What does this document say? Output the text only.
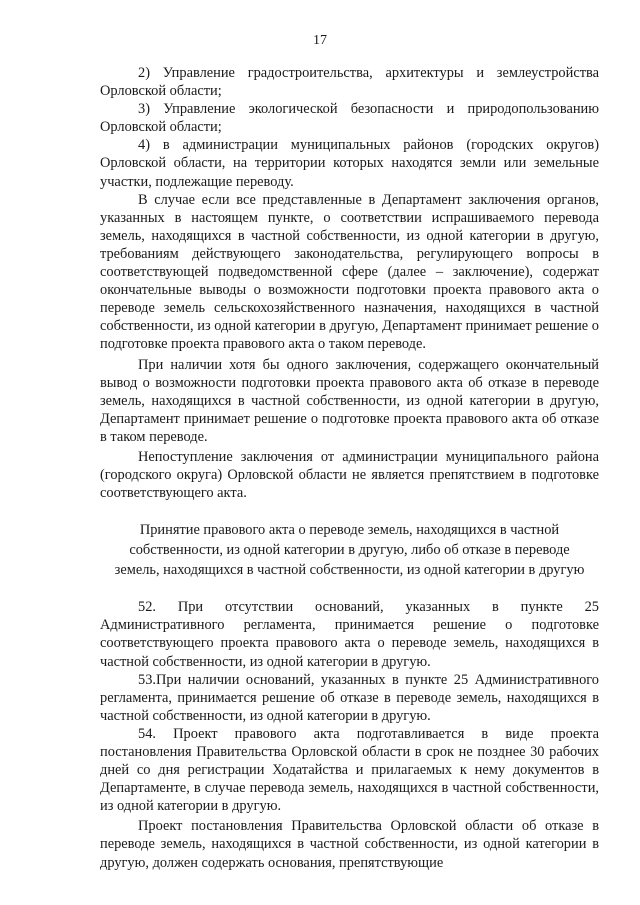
17

2) Управление градостроительства, архитектуры и землеустройства Орловской области;

3) Управление экологической безопасности и природопользованию Орловской области;

4) в администрации муниципальных районов (городских округов) Орловской области, на территории которых находятся земли или земельные участки, подлежащие переводу.

В случае если все представленные в Департамент заключения органов, указанных в настоящем пункте, о соответствии испрашиваемого перевода земель, находящихся в частной собственности, из одной категории в другую, требованиям действующего законодательства, регулирующего вопросы в соответствующей подведомственной сфере (далее – заключение), содержат окончательные выводы о возможности подготовки проекта правового акта о переводе земель сельскохозяйственного назначения, находящихся в частной собственности, из одной категории в другую, Департамент принимает решение о подготовке проекта правового акта о таком переводе.

При наличии хотя бы одного заключения, содержащего окончательный вывод о возможности подготовки проекта правового акта об отказе в переводе земель, находящихся в частной собственности, из одной категории в другую, Департамент принимает решение о подготовке проекта правового акта об отказе в таком переводе.

Непоступление заключения от администрации муниципального района (городского округа) Орловской области не является препятствием в подготовке соответствующего акта.

Принятие правового акта о переводе земель, находящихся в частной
собственности, из одной категории в другую, либо об отказе в переводе
земель, находящихся в частной собственности, из одной категории в другую

52. При отсутствии оснований, указанных в пункте 25 Административного регламента, принимается решение о подготовке соответствующего проекта правового акта о переводе земель, находящихся в частной собственности, из одной категории в другую.

53.При наличии оснований, указанных в пункте 25 Административного регламента, принимается решение об отказе в переводе земель, находящихся в частной собственности, из одной категории в другую.

54. Проект правового акта подготавливается в виде проекта постановления Правительства Орловской области в срок не позднее 30 рабочих дней со дня регистрации Ходатайства и прилагаемых к нему документов в Департаменте, в случае перевода земель, находящихся в частной собственности, из одной категории в другую.

Проект постановления Правительства Орловской области об отказе в переводе земель, находящихся в частной собственности, из одной категории в другую, должен содержать основания, препятствующие
